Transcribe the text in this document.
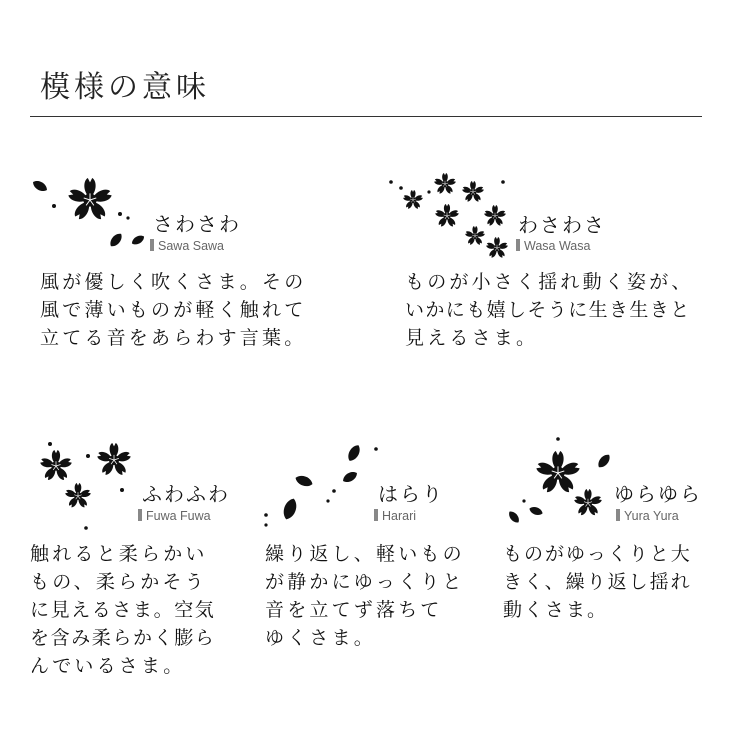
模様の意味
さわさわ
Sawa Sawa
風が優しく吹くさま。その
風で薄いものが軽く触れて
立てる音をあらわす言葉。
わさわさ
Wasa Wasa
ものが小さく揺れ動く姿が、
いかにも嬉しそうに生き生きと
見えるさま。
ふわふわ
Fuwa Fuwa
触れると柔らかい
もの、柔らかそう
に見えるさま。空気
を含み柔らかく膨ら
んでいるさま。
はらり
Harari
繰り返し、軽いもの
が静かにゆっくりと
音を立てず落ちて
ゆくさま。
ゆらゆら
Yura Yura
ものがゆっくりと大
きく、繰り返し揺れ
動くさま。
